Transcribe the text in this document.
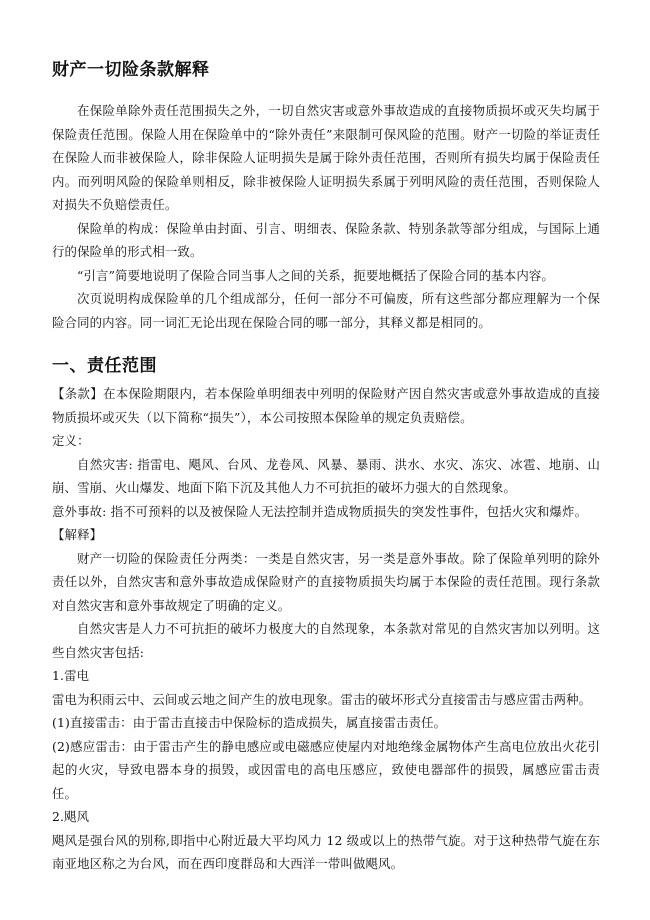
财产一切险条款解释

在保险单除外责任范围损失之外，一切自然灾害或意外事故造成的直接物质损坏或灭失均属于保险责任范围。保险人用在保险单中的“除外责任”来限制可保风险的范围。财产一切险的举证责任在保险人而非被保险人，除非保险人证明损失是属于除外责任范围，否则所有损失均属于保险责任内。而列明风险的保险单则相反，除非被保险人证明损失系属于列明风险的责任范围，否则保险人对损失不负赔偿责任。

保险单的构成：保险单由封面、引言、明细表、保险条款、特别条款等部分组成，与国际上通行的保险单的形式相一致。

“引言”简要地说明了保险合同当事人之间的关系，扼要地概括了保险合同的基本内容。

次页说明构成保险单的几个组成部分，任何一部分不可偏废，所有这些部分都应理解为一个保险合同的内容。同一词汇无论出现在保险合同的哪一部分，其释义都是相同的。

一、责任范围

【条款】在本保险期限内，若本保险单明细表中列明的保险财产因自然灾害或意外事故造成的直接物质损坏或灭失（以下简称“损失”），本公司按照本保险单的规定负责赔偿。

定义：

自然灾害: 指雷电、飓风、台风、龙卷风、风暴、暴雨、洪水、水灾、冻灾、冰雹、地崩、山崩、雪崩、火山爆发、地面下陷下沉及其他人力不可抗拒的破坏力强大的自然现象。

意外事故: 指不可预料的以及被保险人无法控制并造成物质损失的突发性事件，包括火灾和爆炸。

【解释】

财产一切险的保险责任分两类：一类是自然灾害，另一类是意外事故。除了保险单列明的除外责任以外，自然灾害和意外事故造成保险财产的直接物质损失均属于本保险的责任范围。现行条款对自然灾害和意外事故规定了明确的定义。

自然灾害是人力不可抗拒的破坏力极度大的自然现象，本条款对常见的自然灾害加以列明。这些自然灾害包括:

1.雷电

雷电为积雨云中、云间或云地之间产生的放电现象。雷击的破坏形式分直接雷击与感应雷击两种。

(1)直接雷击：由于雷击直接击中保险标的造成损失，属直接雷击责任。

(2)感应雷击：由于雷击产生的静电感应或电磁感应使屋内对地绝缘金属物体产生高电位放出火花引起的火灾，导致电器本身的损毁，或因雷电的高电压感应，致使电器部件的损毁，属感应雷击责任。

2.飓风

飓风是强台风的别称,即指中心附近最大平均风力 12 级或以上的热带气旋。对于这种热带气旋在东南亚地区称之为台风，而在西印度群岛和大西洋一带叫做飓风。
